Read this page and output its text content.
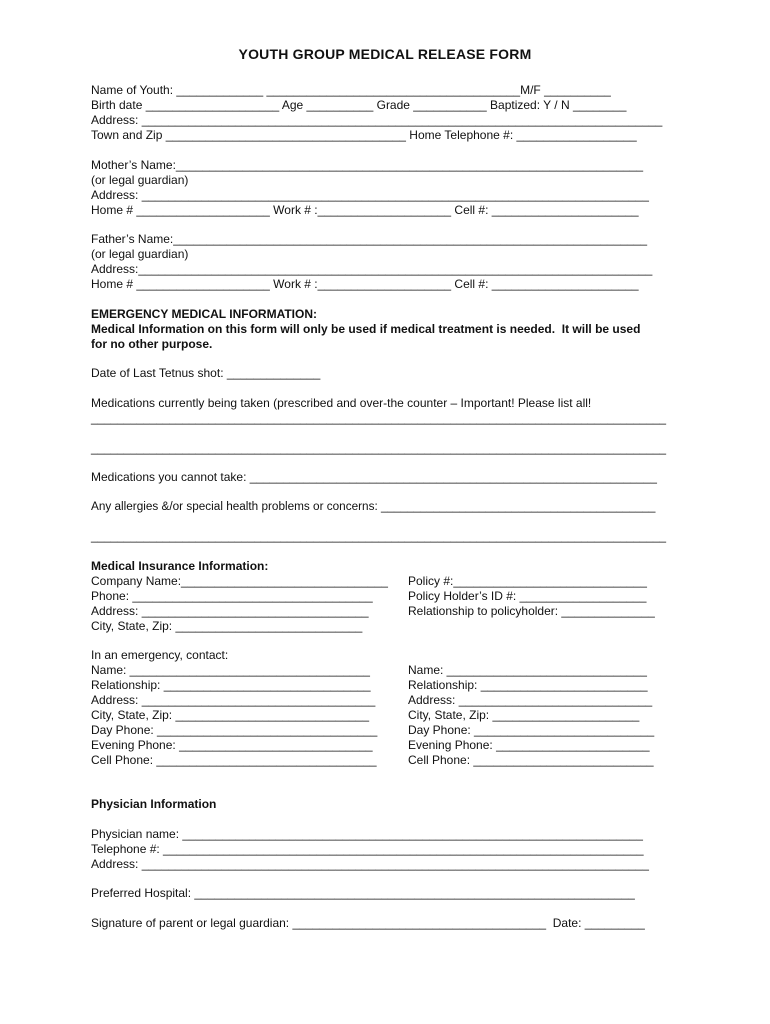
YOUTH GROUP MEDICAL RELEASE FORM
Name of Youth: _____________ ______________________________________M/F __________
Birth date ____________________ Age __________ Grade ___________ Baptized: Y / N ________
Address: ______________________________________________________________________________
Town and Zip ____________________________________ Home Telephone #: __________________
Mother’s Name:______________________________________________________________________
(or legal guardian)
Address: ____________________________________________________________________________
Home # ____________________ Work # :____________________ Cell #: ______________________
Father’s Name:_______________________________________________________________________
(or legal guardian)
Address:_____________________________________________________________________________
Home # ____________________ Work # :____________________ Cell #: ______________________
EMERGENCY MEDICAL INFORMATION:
Medical Information on this form will only be used if medical treatment is needed.  It will be used
for no other purpose.
Date of Last Tetnus shot: ______________
Medications currently being taken (prescribed and over-the counter – Important! Please list all!
________________________________________________________________________________________
________________________________________________________________________________________
Medications you cannot take: _____________________________________________________________
Any allergies &/or special health problems or concerns: __________________________________________
________________________________________________________________________________________
Medical Insurance Information:
Company Name:_______________________________
Phone: ____________________________________
Address: __________________________________
City, State, Zip: ____________________________
Policy #:_____________________________
Policy Holder’s ID #: ___________________
Relationship to policyholder: ______________
In an emergency, contact:
Name: ____________________________________
Relationship: _______________________________
Address: ___________________________________
City, State, Zip: _____________________________
Day Phone: _________________________________
Evening Phone: _____________________________
Cell Phone: _________________________________
Name: ______________________________
Relationship: _________________________
Address: _____________________________
City, State, Zip: ______________________
Day Phone: ___________________________
Evening Phone: _______________________
Cell Phone: ___________________________
Physician Information
Physician name: _____________________________________________________________________
Telephone #: ________________________________________________________________________
Address: ____________________________________________________________________________
Preferred Hospital: __________________________________________________________________
Signature of parent or legal guardian: ______________________________________  Date: _________
